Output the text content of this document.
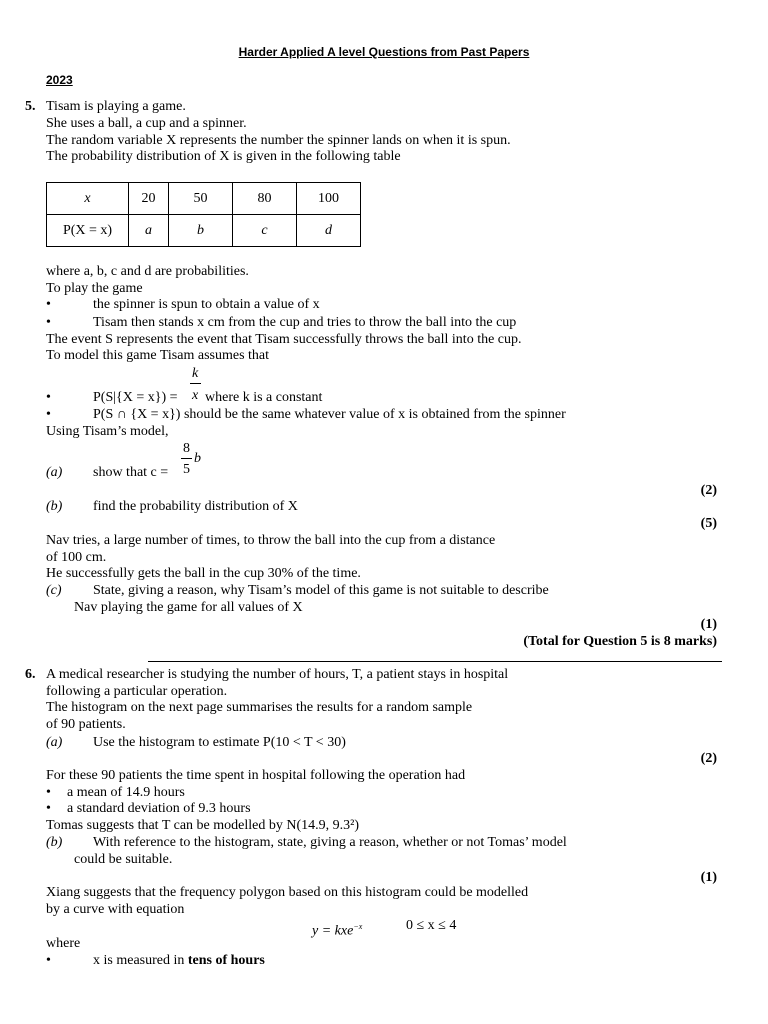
Harder Applied A level Questions from Past Papers
2023
5. Tisam is playing a game.
She uses a ball, a cup and a spinner.
The random variable X represents the number the spinner lands on when it is spun.
The probability distribution of X is given in the following table
x	20	50	80	100
P(X = x)	a	b	c	d
where a, b, c and d are probabilities.
To play the game
•	the spinner is spun to obtain a value of x
•	Tisam then stands x cm from the cup and tries to throw the ball into the cup
The event S represents the event that Tisam successfully throws the ball into the cup.
To model this game Tisam assumes that
•	P(S|{X = x}) =
k
x where k is a constant
•	P(S ∩ {X = x}) should be the same whatever value of x is obtained from the spinner
Using Tisam’s model,
(a) show that c =
8
5
b
(2)
(b) find the probability distribution of X
(5)
Nav tries, a large number of times, to throw the ball into the cup from a distance
of 100 cm.
He successfully gets the ball in the cup 30% of the time.
(c) State, giving a reason, why Tisam’s model of this game is not suitable to describe
Nav playing the game for all values of X
(1)
(Total for Question 5 is 8 marks)
6. A medical researcher is studying the number of hours, T, a patient stays in hospital
following a particular operation.
The histogram on the next page summarises the results for a random sample
of 90 patients.
(a) Use the histogram to estimate P(10 < T < 30)
(2)
For these 90 patients the time spent in hospital following the operation had
• a mean of 14.9 hours
• a standard deviation of 9.3 hours
Tomas suggests that T can be modelled by N(14.9, 9.3²)
(b) With reference to the histogram, state, giving a reason, whether or not Tomas’ model
could be suitable.
(1)
Xiang suggests that the frequency polygon based on this histogram could be modelled
by a curve with equation
y = kxe$^{-x}$	0 ≤ x ≤ 4
where
•	x is measured in tens of hours
